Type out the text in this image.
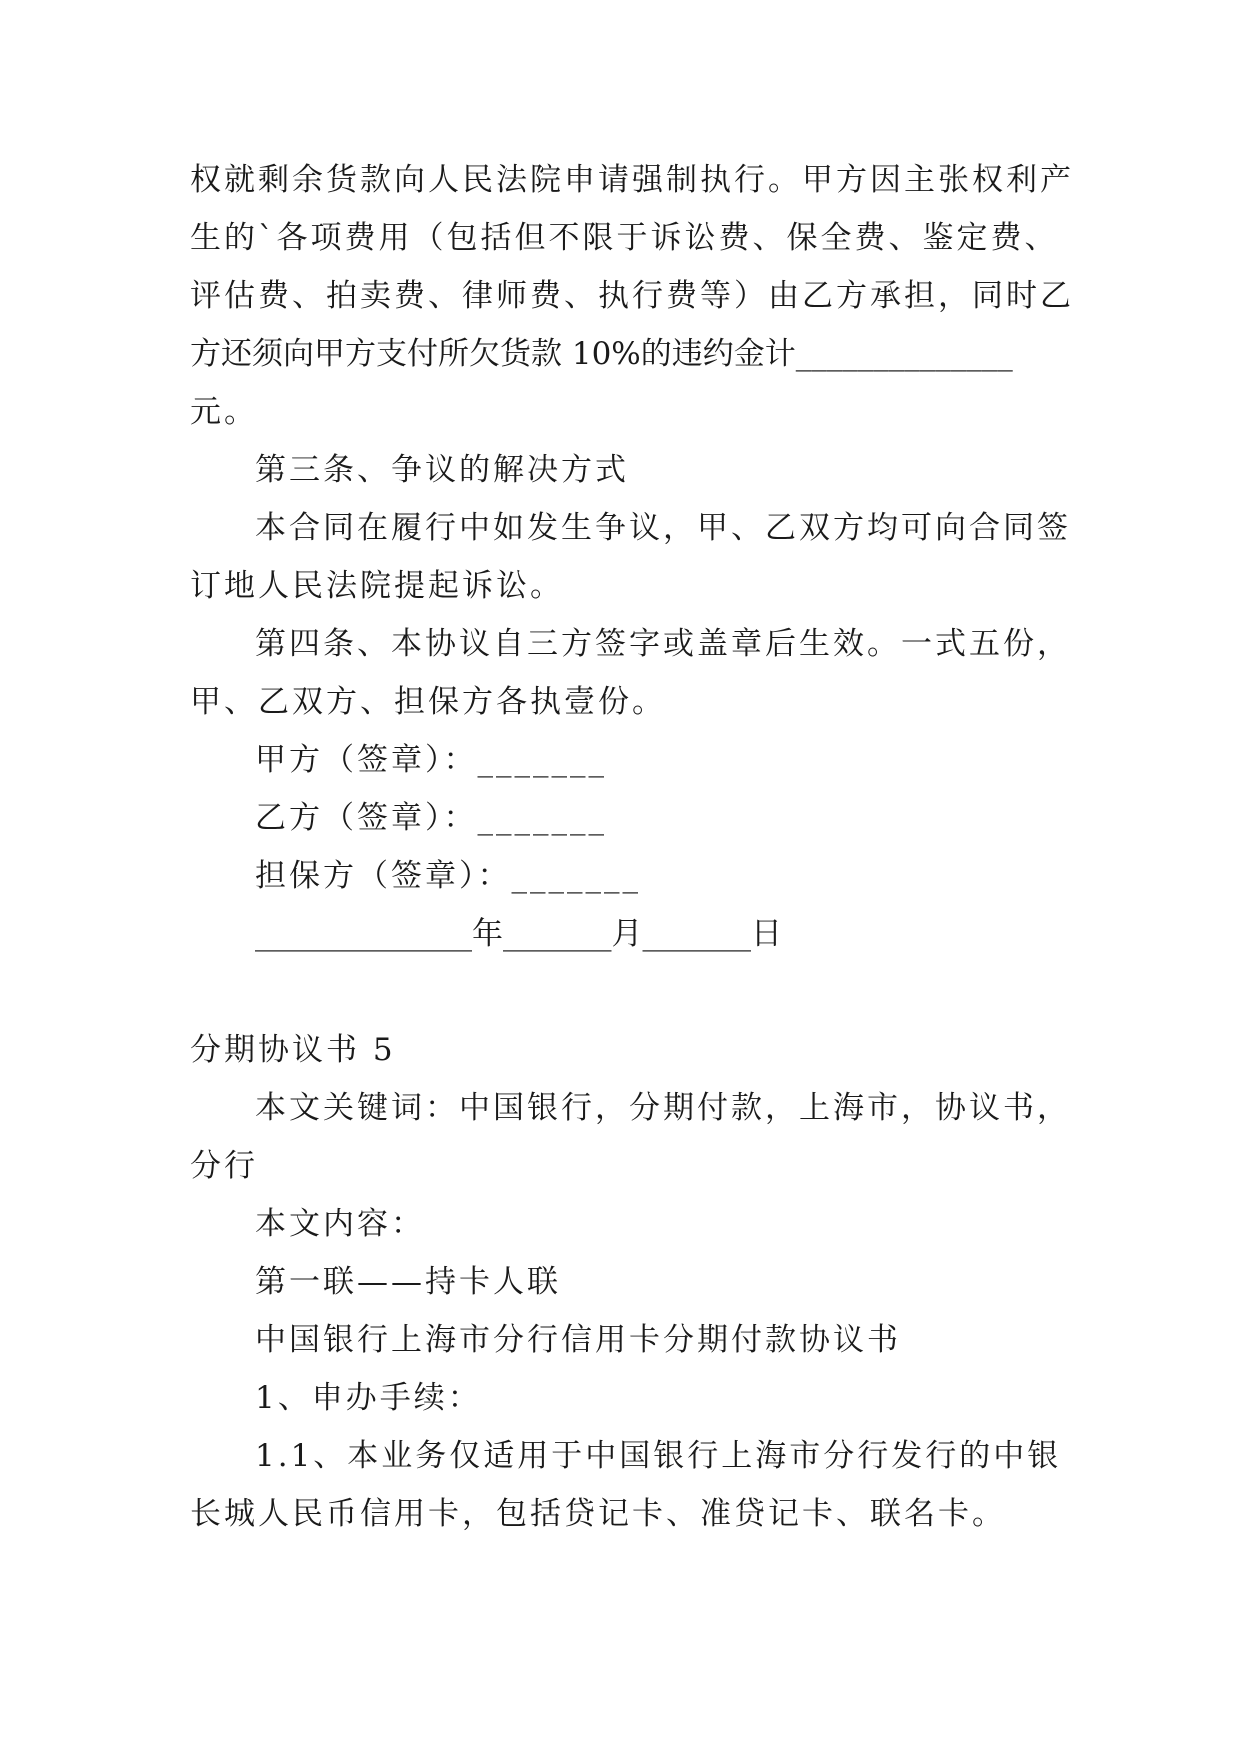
权就剩余货款向人民法院申请强制执行。甲方因主张权利产
生的`各项费用（包括但不限于诉讼费、保全费、鉴定费、
评估费、拍卖费、律师费、执行费等）由乙方承担，同时乙
方还须向甲方支付所欠货款 10%的违约金计______________
元。
第三条、争议的解决方式
本合同在履行中如发生争议，甲、乙双方均可向合同签
订地人民法院提起诉讼。
第四条、本协议自三方签字或盖章后生效。一式五份，
甲、乙双方、担保方各执壹份。
甲方（签章）：_______
乙方（签章）：_______
担保方（签章）：_______
______________年_______月_______日
分期协议书 5
本文关键词：中国银行，分期付款，上海市，协议书，
分行
本文内容：
第一联——持卡人联
中国银行上海市分行信用卡分期付款协议书
1、申办手续：
1.1、本业务仅适用于中国银行上海市分行发行的中银
长城人民币信用卡，包括贷记卡、准贷记卡、联名卡。
